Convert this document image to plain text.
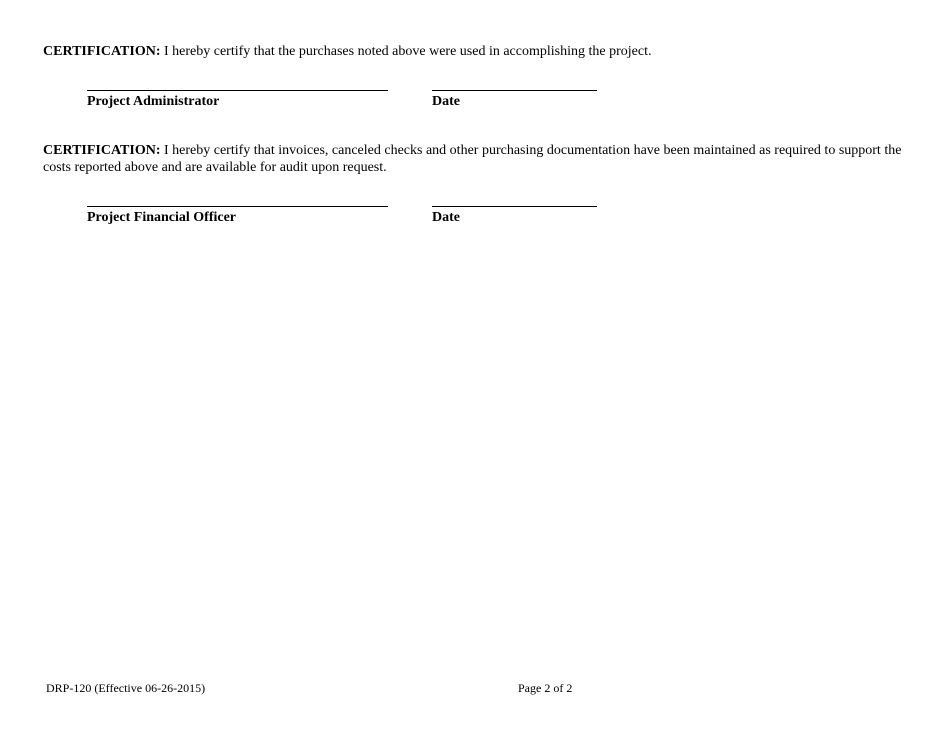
CERTIFICATION: I hereby certify that the purchases noted above were used in accomplishing the project.

Project Administrator	Date

CERTIFICATION: I hereby certify that invoices, canceled checks and other purchasing documentation have been maintained as required to support the costs reported above and are available for audit upon request.

Project Financial Officer	Date
DRP-120 (Effective 06-26-2015)	Page 2 of 2
